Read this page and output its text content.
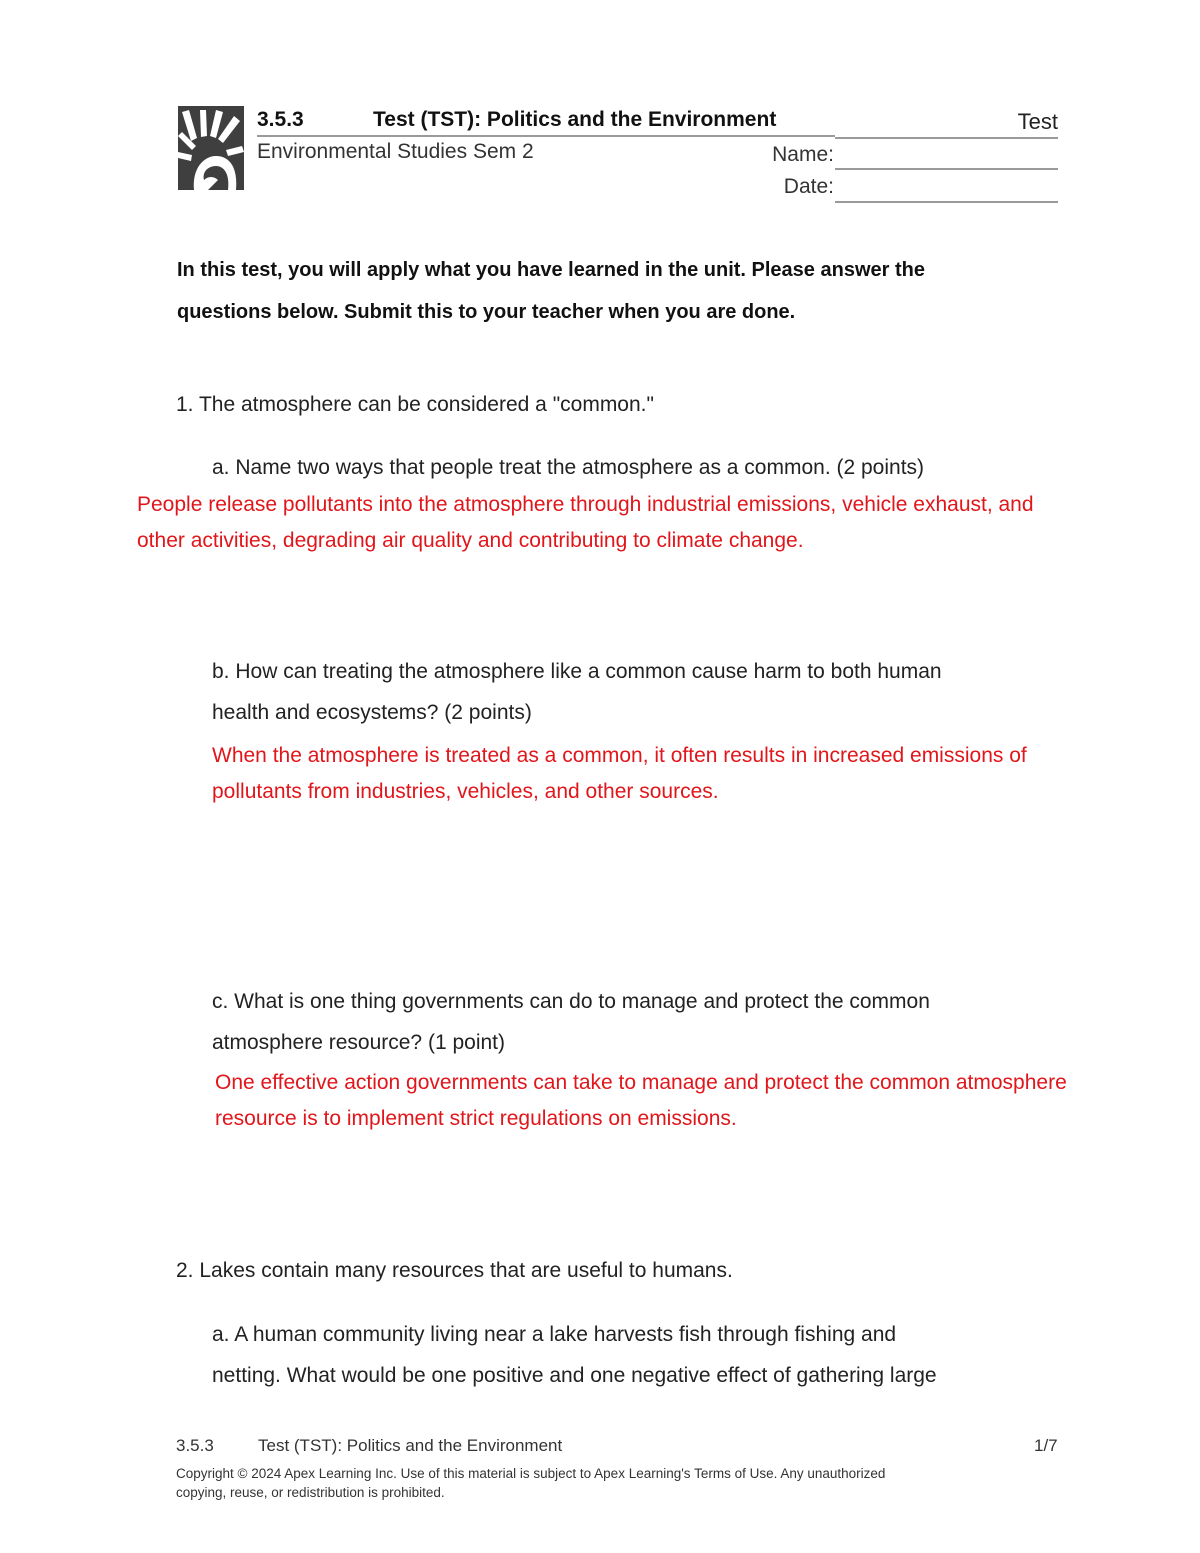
3.5.3	Test (TST): Politics and the Environment	Test
Environmental Studies Sem 2	Name:
Date:
In this test, you will apply what you have learned in the unit. Please answer the
questions below. Submit this to your teacher when you are done.
1. The atmosphere can be considered a "common."
a. Name two ways that people treat the atmosphere as a common. (2 points)
People release pollutants into the atmosphere through industrial emissions, vehicle exhaust, and
other activities, degrading air quality and contributing to climate change.
b. How can treating the atmosphere like a common cause harm to both human
health and ecosystems? (2 points)
When the atmosphere is treated as a common, it often results in increased emissions of
pollutants from industries, vehicles, and other sources.
c. What is one thing governments can do to manage and protect the common
atmosphere resource? (1 point)
One effective action governments can take to manage and protect the common atmosphere
resource is to implement strict regulations on emissions.
2. Lakes contain many resources that are useful to humans.
a. A human community living near a lake harvests fish through fishing and
netting. What would be one positive and one negative effect of gathering large
3.5.3	Test (TST): Politics and the Environment	1/7
Copyright © 2024 Apex Learning Inc. Use of this material is subject to Apex Learning's Terms of Use. Any unauthorized
copying, reuse, or redistribution is prohibited.
